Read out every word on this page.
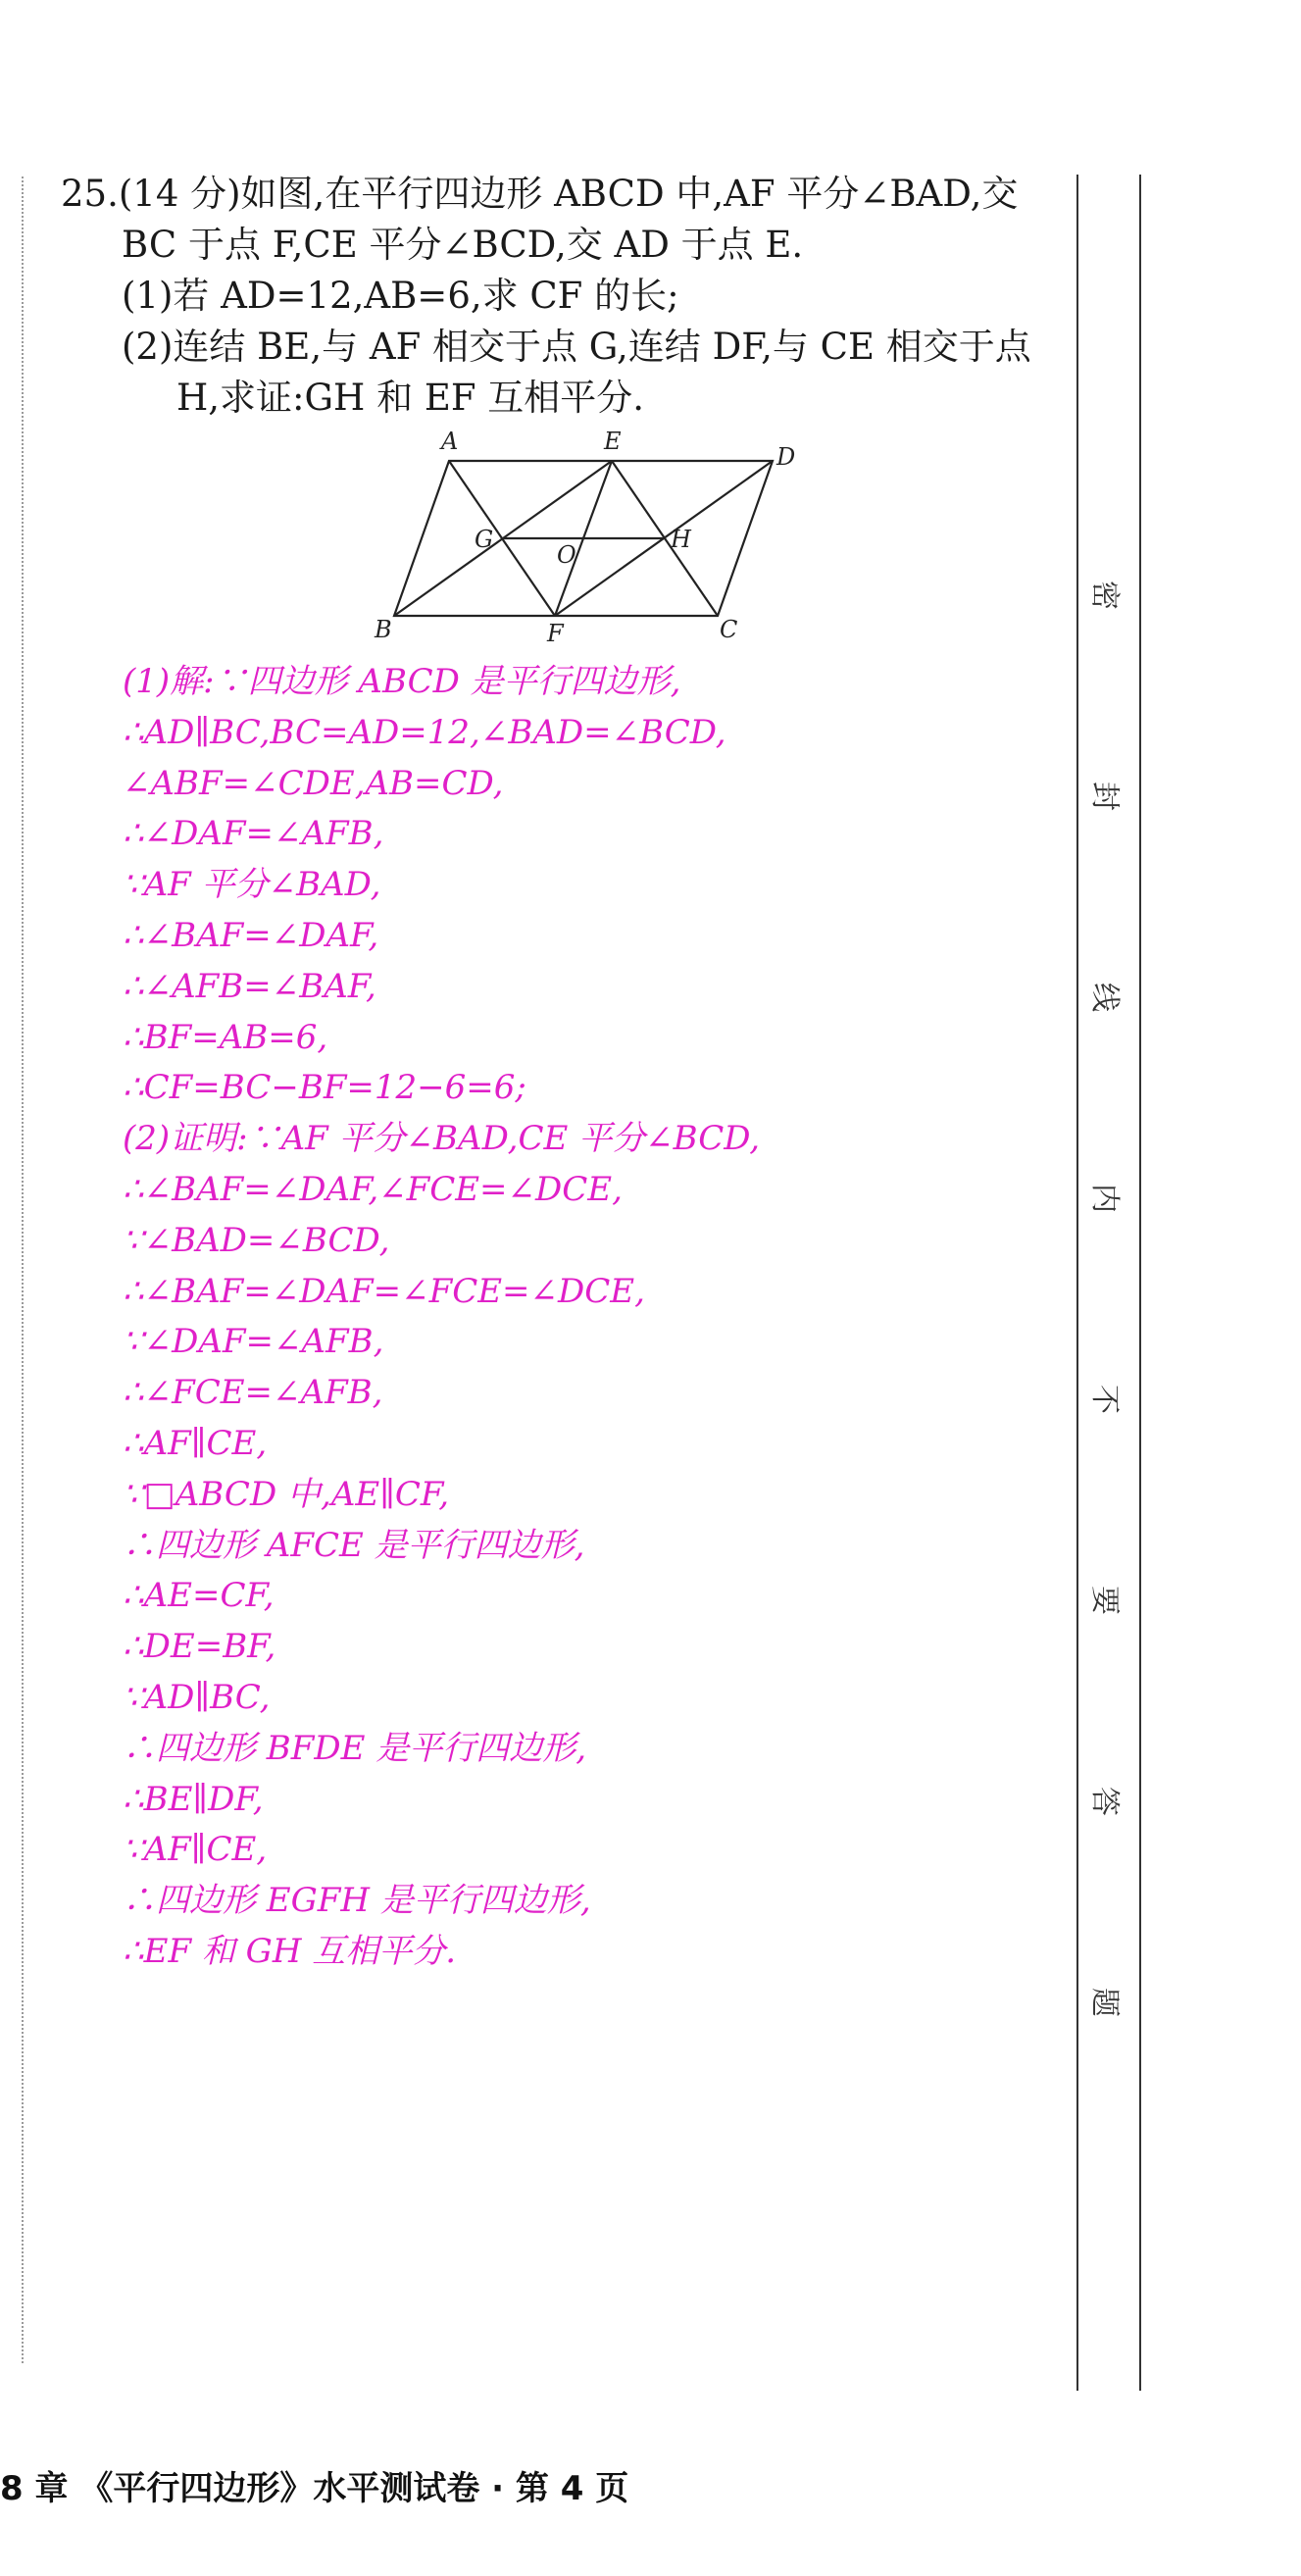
密
封
线
内
不
要
答
题
25.(14 分)如图,在平行四边形 ABCD 中,AF 平分∠BAD,交
BC 于点 F,CE 平分∠BCD,交 AD 于点 E.
(1)若 AD=12,AB=6,求 CF 的长;
(2)连结 BE,与 AF 相交于点 G,连结 DF,与 CE 相交于点
H,求证:GH 和 EF 互相平分.
A	E
D
G
O
H
B	F	C
(1)解:∵四边形 ABCD 是平行四边形,
∴AD∥BC,BC=AD=12,∠BAD=∠BCD,
∠ABF=∠CDE,AB=CD,
∴∠DAF=∠AFB,
∵AF 平分∠BAD,
∴∠BAF=∠DAF,
∴∠AFB=∠BAF,
∴BF=AB=6,
∴CF=BC−BF=12−6=6;
(2)证明:∵AF 平分∠BAD,CE 平分∠BCD,
∴∠BAF=∠DAF,∠FCE=∠DCE,
∵∠BAD=∠BCD,
∴∠BAF=∠DAF=∠FCE=∠DCE,
∵∠DAF=∠AFB,
∴∠FCE=∠AFB,
∴AF∥CE,
∵□ABCD 中,AE∥CF,
∴四边形 AFCE 是平行四边形,
∴AE=CF,
∴DE=BF,
∵AD∥BC,
∴四边形 BFDE 是平行四边形,
∴BE∥DF,
∵AF∥CE,
∴四边形 EGFH 是平行四边形,
∴EF 和 GH 互相平分.
8 章 《平行四边形》水平测试卷 · 第 4 页
